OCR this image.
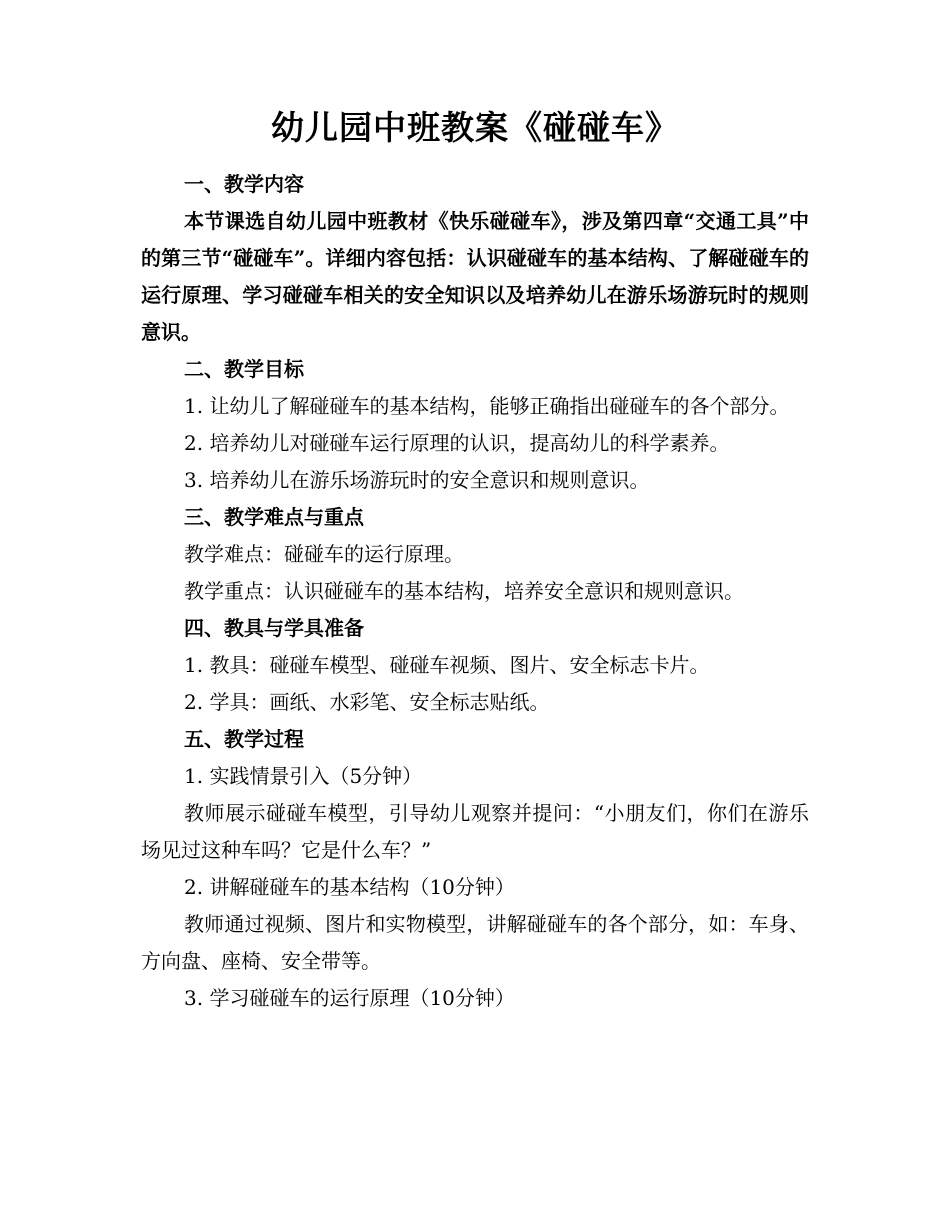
幼儿园中班教案《碰碰车》

一、教学内容

本节课选自幼儿园中班教材《快乐碰碰车》，涉及第四章“交通工具”中的第三节“碰碰车”。详细内容包括：认识碰碰车的基本结构、了解碰碰车的运行原理、学习碰碰车相关的安全知识以及培养幼儿在游乐场游玩时的规则意识。

二、教学目标

1. 让幼儿了解碰碰车的基本结构，能够正确指出碰碰车的各个部分。

2. 培养幼儿对碰碰车运行原理的认识，提高幼儿的科学素养。

3. 培养幼儿在游乐场游玩时的安全意识和规则意识。

三、教学难点与重点

教学难点：碰碰车的运行原理。

教学重点：认识碰碰车的基本结构，培养安全意识和规则意识。

四、教具与学具准备

1. 教具：碰碰车模型、碰碰车视频、图片、安全标志卡片。

2. 学具：画纸、水彩笔、安全标志贴纸。

五、教学过程

1. 实践情景引入（5分钟）

教师展示碰碰车模型，引导幼儿观察并提问：“小朋友们，你们在游乐场见过这种车吗？它是什么车？”

2. 讲解碰碰车的基本结构（10分钟）

教师通过视频、图片和实物模型，讲解碰碰车的各个部分，如：车身、方向盘、座椅、安全带等。

3. 学习碰碰车的运行原理（10分钟）
